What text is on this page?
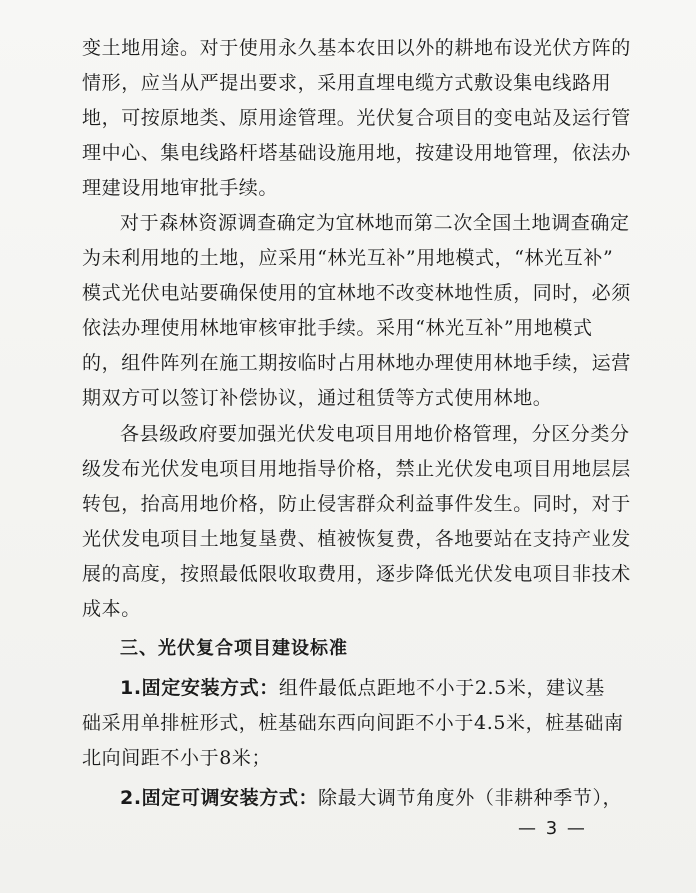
变土地用途。对于使用永久基本农田以外的耕地布设光伏方阵的
情形，应当从严提出要求，采用直埋电缆方式敷设集电线路用
地，可按原地类、原用途管理。光伏复合项目的变电站及运行管
理中心、集电线路杆塔基础设施用地，按建设用地管理，依法办
理建设用地审批手续。
对于森林资源调查确定为宜林地而第二次全国土地调查确定
为未利用地的土地，应采用“林光互补”用地模式，“林光互补”
模式光伏电站要确保使用的宜林地不改变林地性质，同时，必须
依法办理使用林地审核审批手续。采用“林光互补”用地模式
的，组件阵列在施工期按临时占用林地办理使用林地手续，运营
期双方可以签订补偿协议，通过租赁等方式使用林地。
各县级政府要加强光伏发电项目用地价格管理，分区分类分
级发布光伏发电项目用地指导价格，禁止光伏发电项目用地层层
转包，抬高用地价格，防止侵害群众利益事件发生。同时，对于
光伏发电项目土地复垦费、植被恢复费，各地要站在支持产业发
展的高度，按照最低限收取费用，逐步降低光伏发电项目非技术
成本。
三、光伏复合项目建设标准
1.固定安装方式：组件最低点距地不小于2.5米，建议基
础采用单排桩形式，桩基础东西向间距不小于4.5米，桩基础南
北向间距不小于8米；
2.固定可调安装方式：除最大调节角度外（非耕种季节），
— 3 —
